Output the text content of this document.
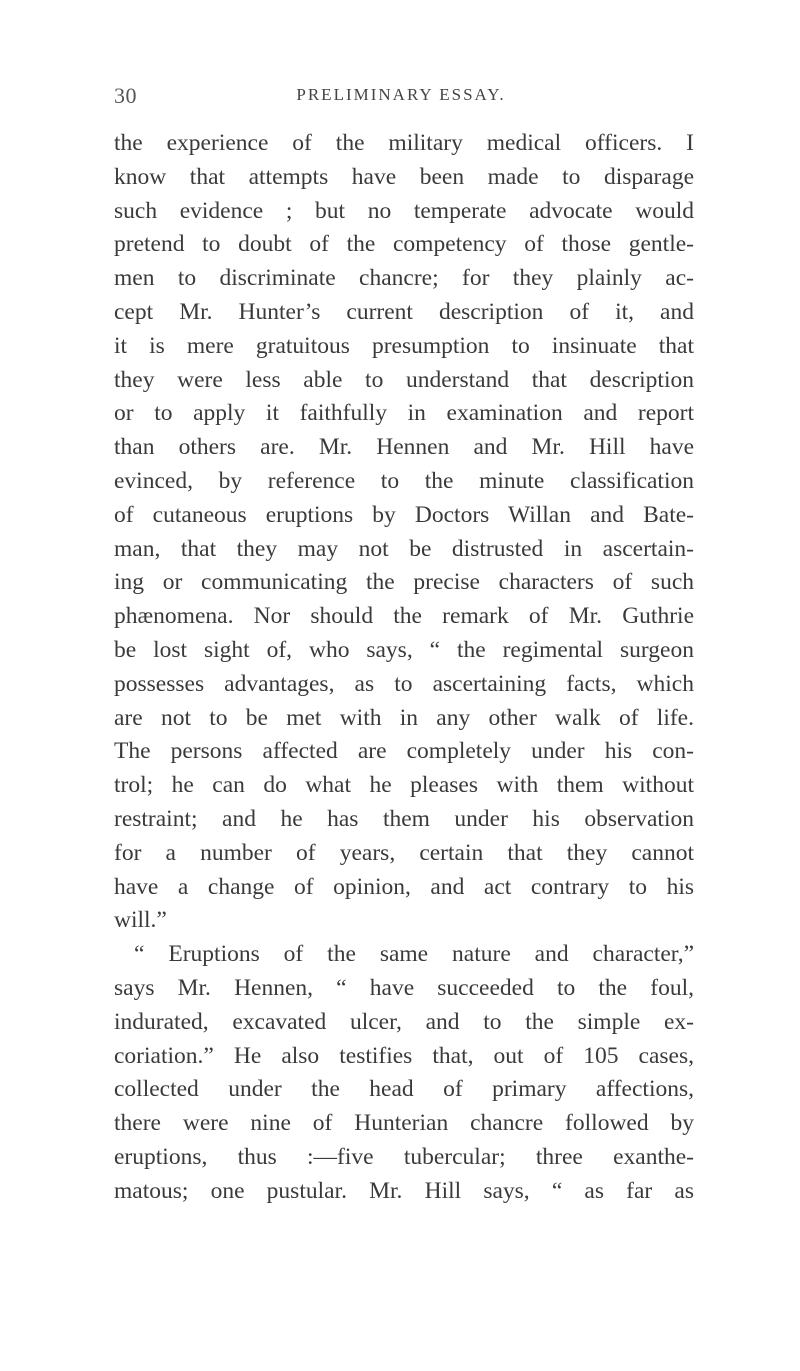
30	PRELIMINARY ESSAY.
the experience of the military medical officers. I
know that attempts have been made to disparage
such evidence ; but no temperate advocate would
pretend to doubt of the competency of those gentle-
men to discriminate chancre; for they plainly ac-
cept Mr. Hunter’s current description of it, and
it is mere gratuitous presumption to insinuate that
they were less able to understand that description
or to apply it faithfully in examination and report
than others are. Mr. Hennen and Mr. Hill have
evinced, by reference to the minute classification
of cutaneous eruptions by Doctors Willan and Bate-
man, that they may not be distrusted in ascertain-
ing or communicating the precise characters of such
phænomena. Nor should the remark of Mr. Guthrie
be lost sight of, who says, “ the regimental surgeon
possesses advantages, as to ascertaining facts, which
are not to be met with in any other walk of life.
The persons affected are completely under his con-
trol; he can do what he pleases with them without
restraint; and he has them under his observation
for a number of years, certain that they cannot
have a change of opinion, and act contrary to his
will.”
“ Eruptions of the same nature and character,”
says Mr. Hennen, “ have succeeded to the foul,
indurated, excavated ulcer, and to the simple ex-
coriation.” He also testifies that, out of 105 cases,
collected under the head of primary affections,
there were nine of Hunterian chancre followed by
eruptions, thus :—five tubercular; three exanthe-
matous; one pustular. Mr. Hill says, “ as far as
